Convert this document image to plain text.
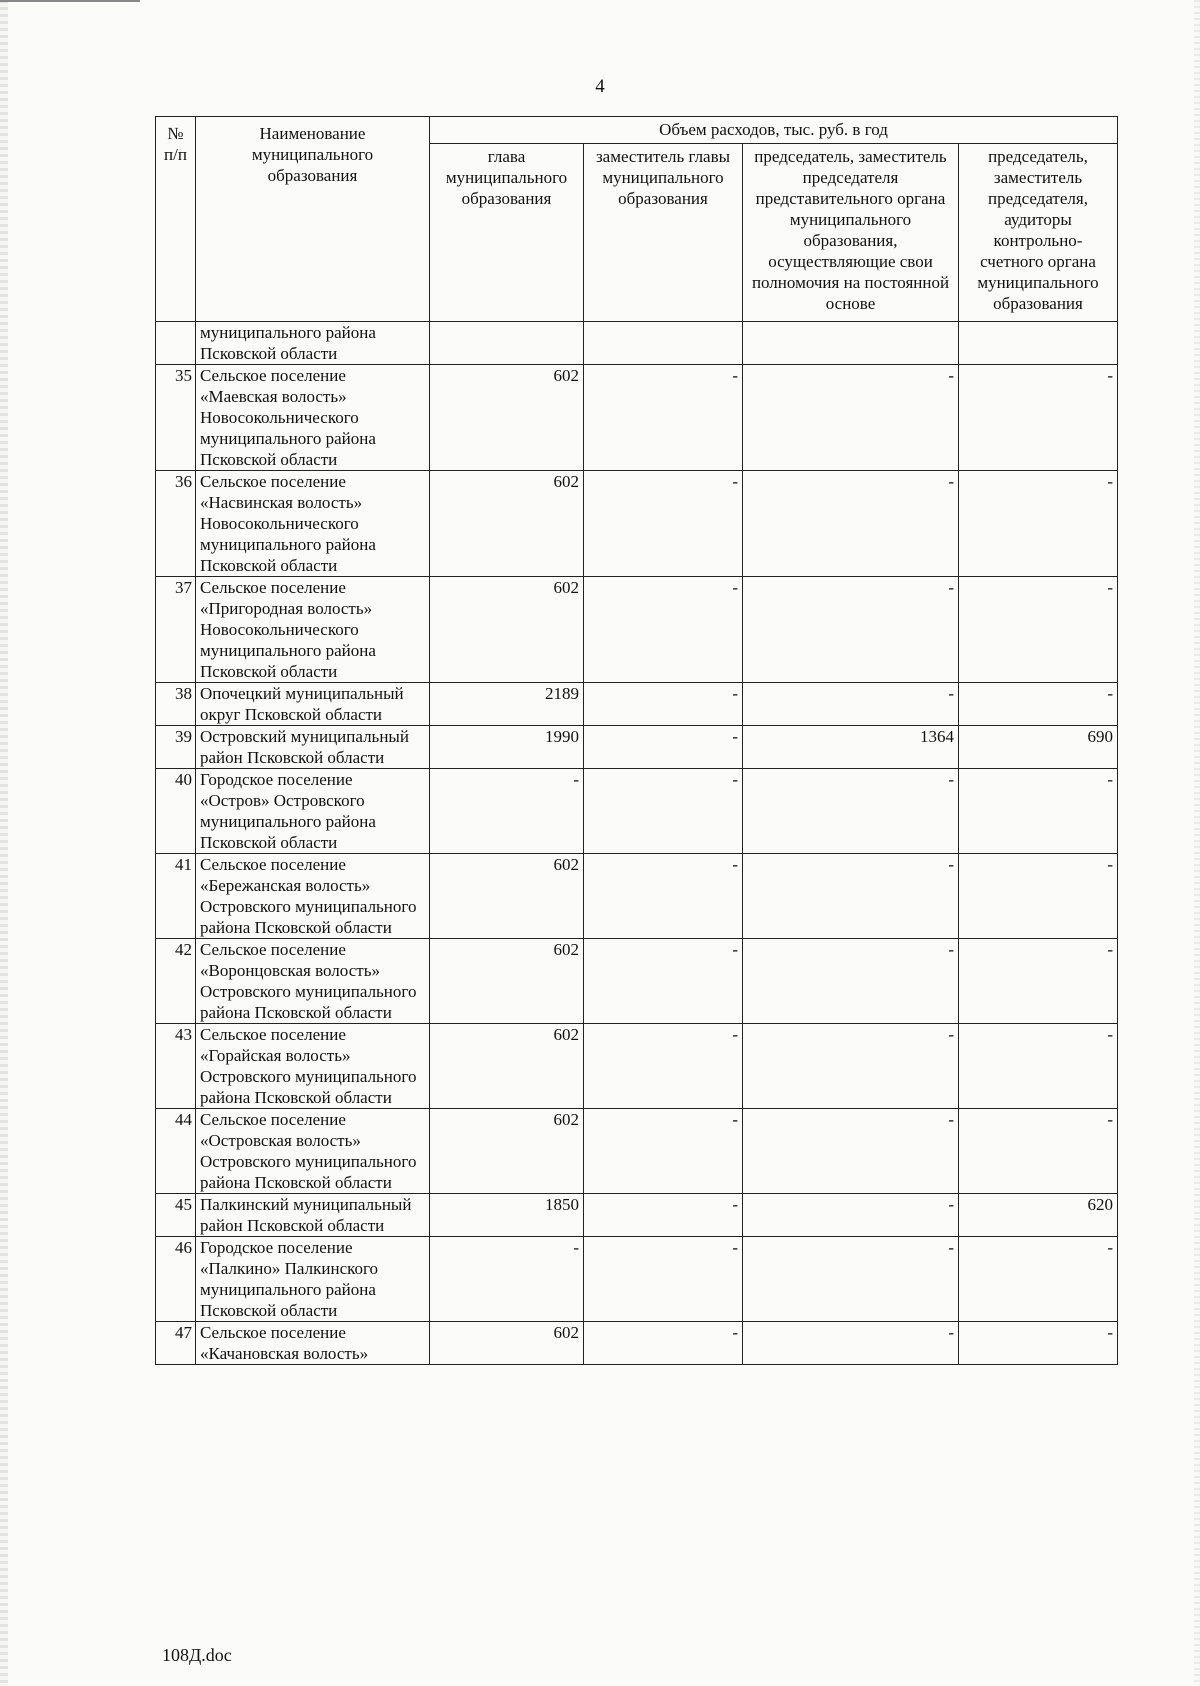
4
№ п/п	Наименование муниципального образования	Объем расходов, тыс. руб. в год			
		глава муниципального образования	заместитель главы муниципального образования	председатель, заместитель председателя представительного органа муниципального образования, осуществляющие свои полномочия на постоянной основе	председатель, заместитель председателя, аудиторы контрольно-счетного органа муниципального образования
	муниципального района Псковской области				
35	Сельское поселение «Маевская волость» Новосокольнического муниципального района Псковской области	602	-	-	-
36	Сельское поселение «Насвинская волость» Новосокольнического муниципального района Псковской области	602	-	-	-
37	Сельское поселение «Пригородная волость» Новосокольнического муниципального района Псковской области	602	-	-	-
38	Опочецкий муниципальный округ Псковской области	2189	-	-	-
39	Островский муниципальный район Псковской области	1990	-	1364	690
40	Городское поселение «Остров» Островского муниципального района Псковской области	-	-	-	-
41	Сельское поселение «Бережанская волость» Островского муниципального района Псковской области	602	-	-	-
42	Сельское поселение «Воронцовская волость» Островского муниципального района Псковской области	602	-	-	-
43	Сельское поселение «Горайская волость» Островского муниципального района Псковской области	602	-	-	-
44	Сельское поселение «Островская волость» Островского муниципального района Псковской области	602	-	-	-
45	Палкинский муниципальный район Псковской области	1850	-	-	620
46	Городское поселение «Палкино» Палкинского муниципального района Псковской области	-	-	-	-
47	Сельское поселение «Качановская волость»	602	-	-	-
108Д.doc
